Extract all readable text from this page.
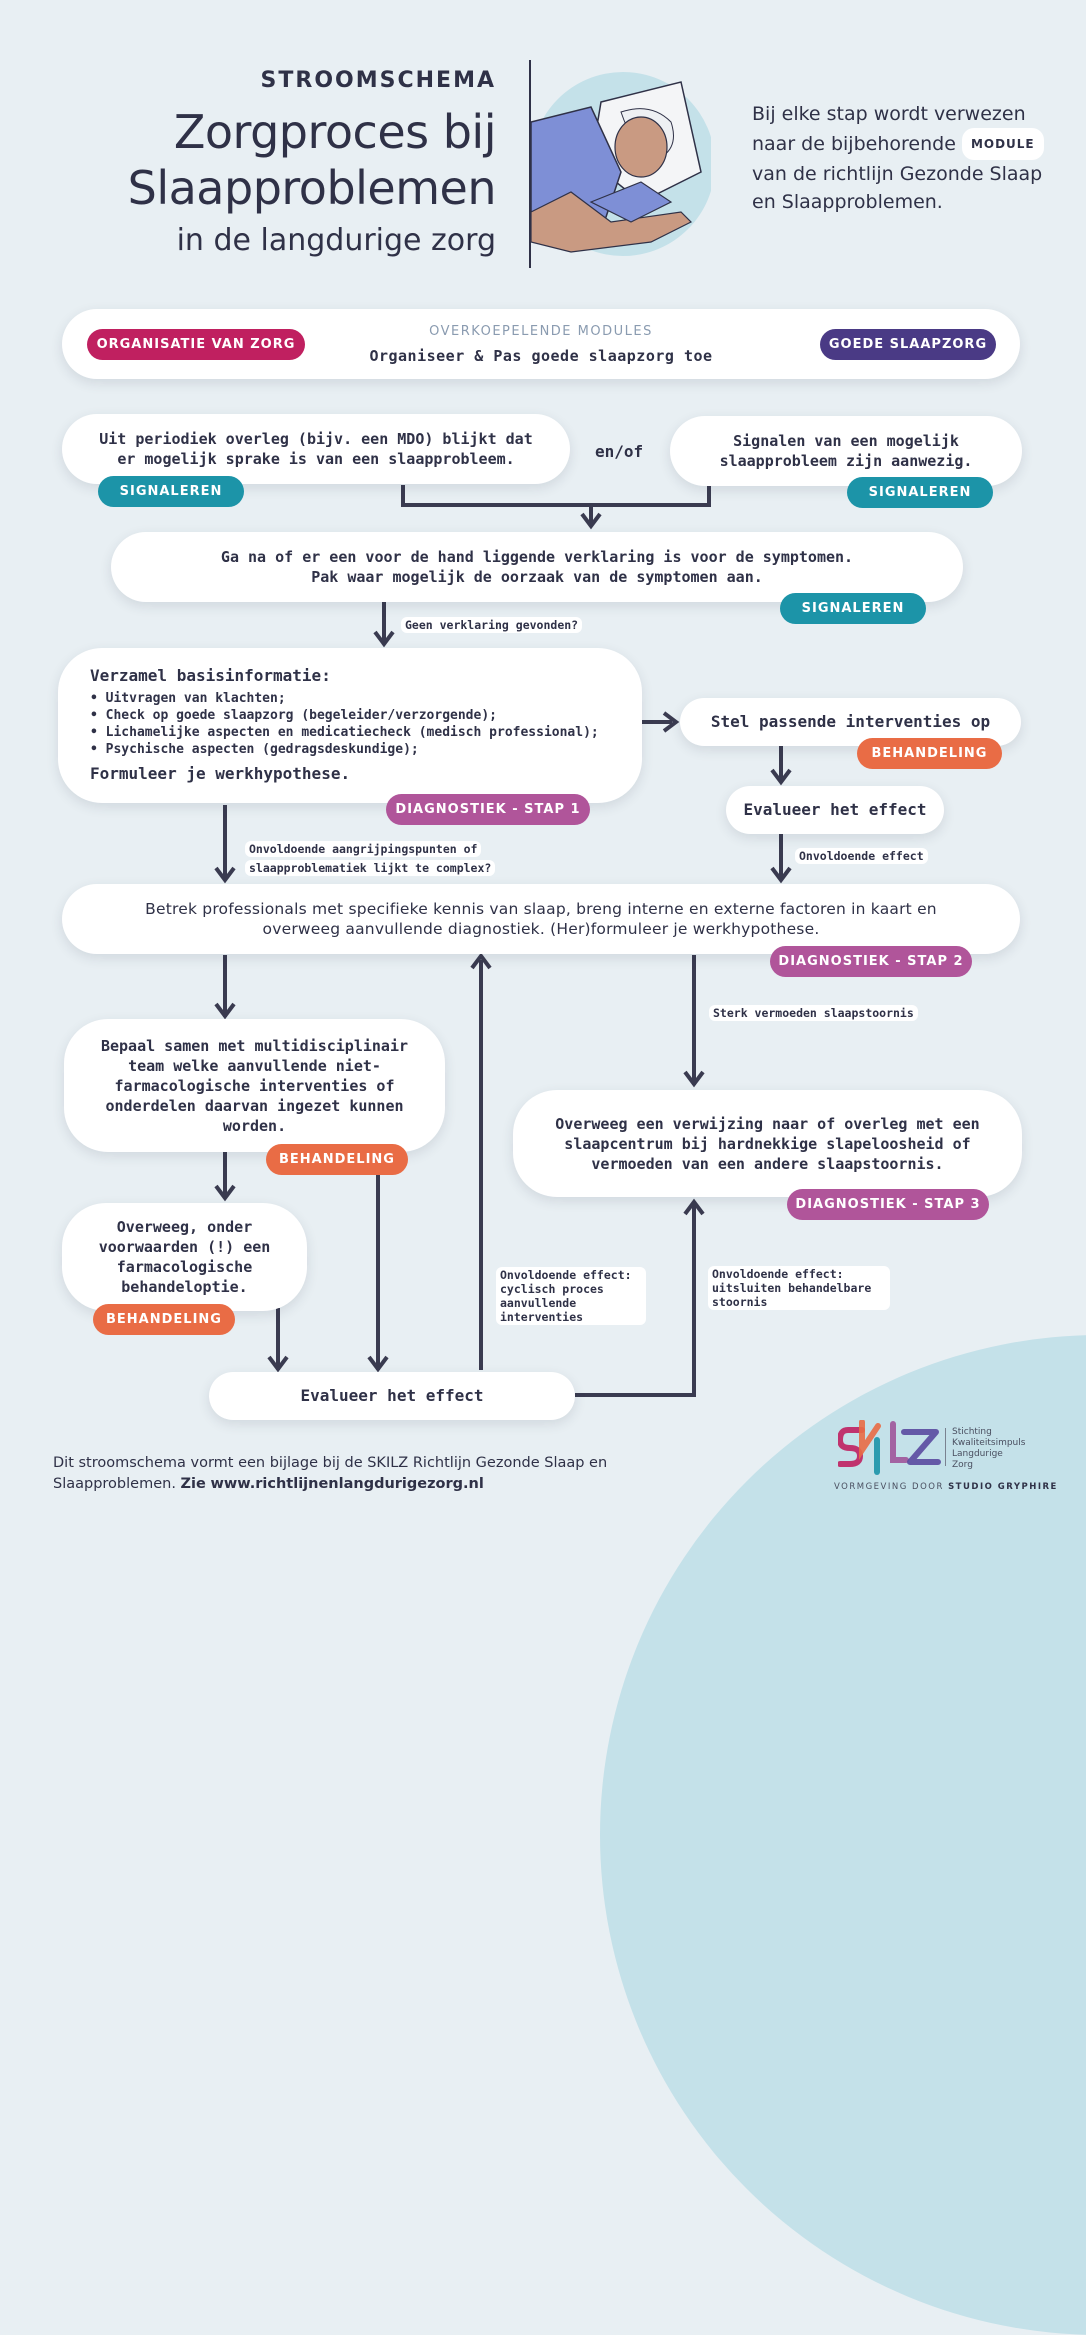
STROOMSCHEMA
Zorgproces bij
Slaapproblemen
in de langdurige zorg
Bij elke stap wordt verwezen naar de bijbehorende MODULE van de richtlijn Gezonde Slaap en Slaapproblemen.
OVERKOEPELENDE MODULES
Organiseer & Pas goede slaapzorg toe
ORGANISATIE VAN ZORG	GOEDE SLAAPZORG
Uit periodiek overleg (bijv. een MDO) blijkt dat er mogelijk sprake is van een slaapprobleem.
SIGNALEREN
en/of
Signalen van een mogelijk slaapprobleem zijn aanwezig.
SIGNALEREN
Ga na of er een voor de hand liggende verklaring is voor de symptomen.
Pak waar mogelijk de oorzaak van de symptomen aan.
SIGNALEREN
Geen verklaring gevonden?
Verzamel basisinformatie:
• Uitvragen van klachten;
• Check op goede slaapzorg (begeleider/verzorgende);
• Lichamelijke aspecten en medicatiecheck (medisch professional);
• Psychische aspecten (gedragsdeskundige);
Formuleer je werkhypothese.
DIAGNOSTIEK - STAP 1
Stel passende interventies op
BEHANDELING
Evalueer het effect
Onvoldoende effect
Onvoldoende aangrijpingspunten of
slaapproblematiek lijkt te complex?
Betrek professionals met specifieke kennis van slaap, breng interne en externe factoren in kaart en overweeg aanvullende diagnostiek. (Her)formuleer je werkhypothese.
DIAGNOSTIEK - STAP 2
Sterk vermoeden slaapstoornis
Bepaal samen met multidisciplinair team welke aanvullende niet-farmacologische interventies of onderdelen daarvan ingezet kunnen worden.
BEHANDELING
Overweeg een verwijzing naar of overleg met een slaapcentrum bij hardnekkige slapeloosheid of vermoeden van een andere slaapstoornis.
DIAGNOSTIEK - STAP 3
Overweeg, onder voorwaarden (!) een farmacologische behandeloptie.
BEHANDELING
Onvoldoende effect: cyclisch proces aanvullende interventies
Onvoldoende effect: uitsluiten behandelbare stoornis
Evalueer het effect
Dit stroomschema vormt een bijlage bij de SKILZ Richtlijn Gezonde Slaap en Slaapproblemen. Zie www.richtlijnenlangdurigezorg.nl
Stichting
Kwaliteitsimpuls
Langdurige
Zorg
VORMGEVING DOOR STUDIO GRYPHIRE
